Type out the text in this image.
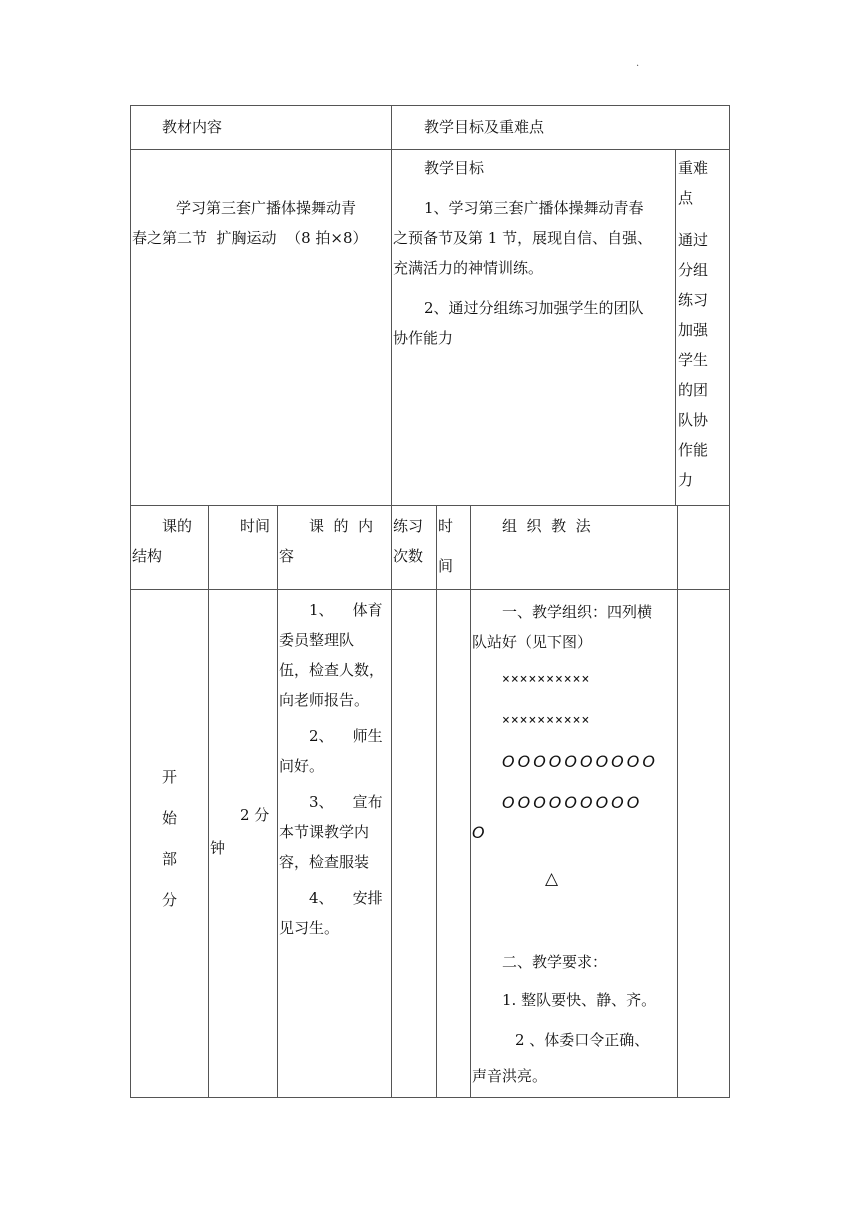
.
教材内容	教学目标及重难点

学习第三套广播体操舞动青

春之第二节  扩胸运动  （8 拍×8）

教学目标

1、学习第三套广播体操舞动青春

之预备节及第 1 节，展现自信、自强、

充满活力的神情训练。

2、通过分组练习加强学生的团队

协作能力

重难

点

通过

分组

练习

加强

学生

的团

队协

作能

力

课的
结构
时间	课  的  内
容
练习
次数
时
间
组  织  教  法
开
始
部
分
2 分
钟

1、    体育

委员整理队

伍，检查人数，

向老师报告。

2、    师生

问好。

3、    宣布

本节课教学内

容，检查服装

4、    安排

见习生。

一、教学组织：四列横
队站好（见下图）
××××××××××
××××××××××
OOOOOOOOOO
OOOOOOOOO
O
△
二、教学要求：
1. 整队要快、静、齐。
2 、体委口令正确、
声音洪亮。
